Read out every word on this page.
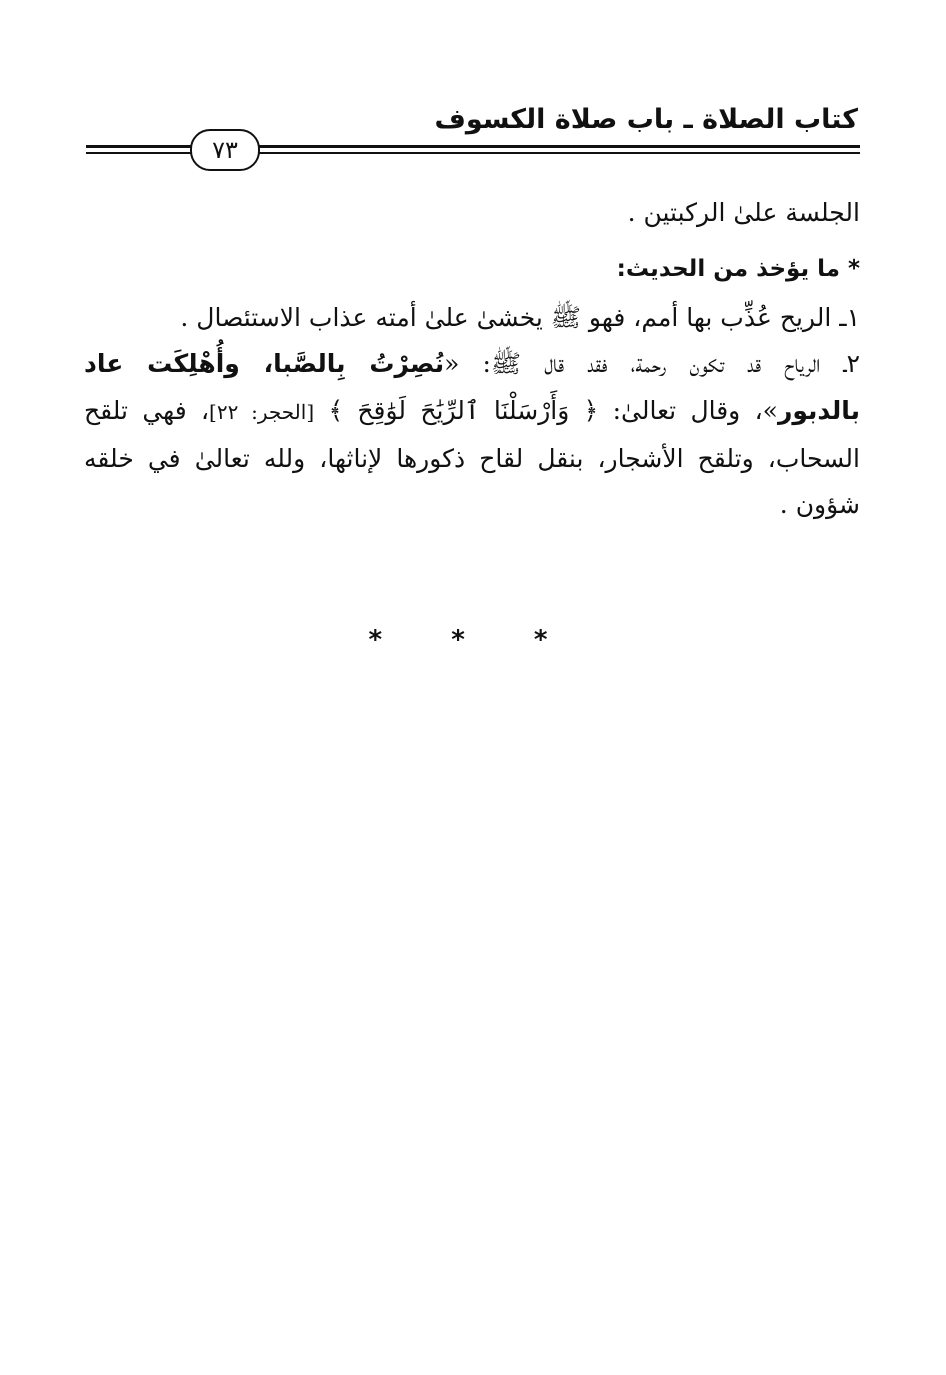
كتاب الصلاة ـ باب صلاة الكسوف
٧٣
الجلسة علىٰ الركبتين .
* ما يؤخذ من الحديث:
١ـ الريح عُذِّب بها أمم، فهو ﷺ يخشىٰ علىٰ أمته عذاب الاستئصال .
٢ـ الرياح قد تكون رحمة، فقد قال ﷺ: «نُصِرْتُ بِالصَّبا، وأُهْلِكَت عاد
بالدبور»، وقال تعالىٰ: ﴿ وَأَرْسَلْنَا ٱلرِّيَٰحَ لَوَٰقِحَ ﴾ [الحجر: ٢٢]، فهي تلقح
السحاب، وتلقح الأشجار، بنقل لقاح ذكورها لإناثها، ولله تعالىٰ في خلقه
شؤون .
* * *
